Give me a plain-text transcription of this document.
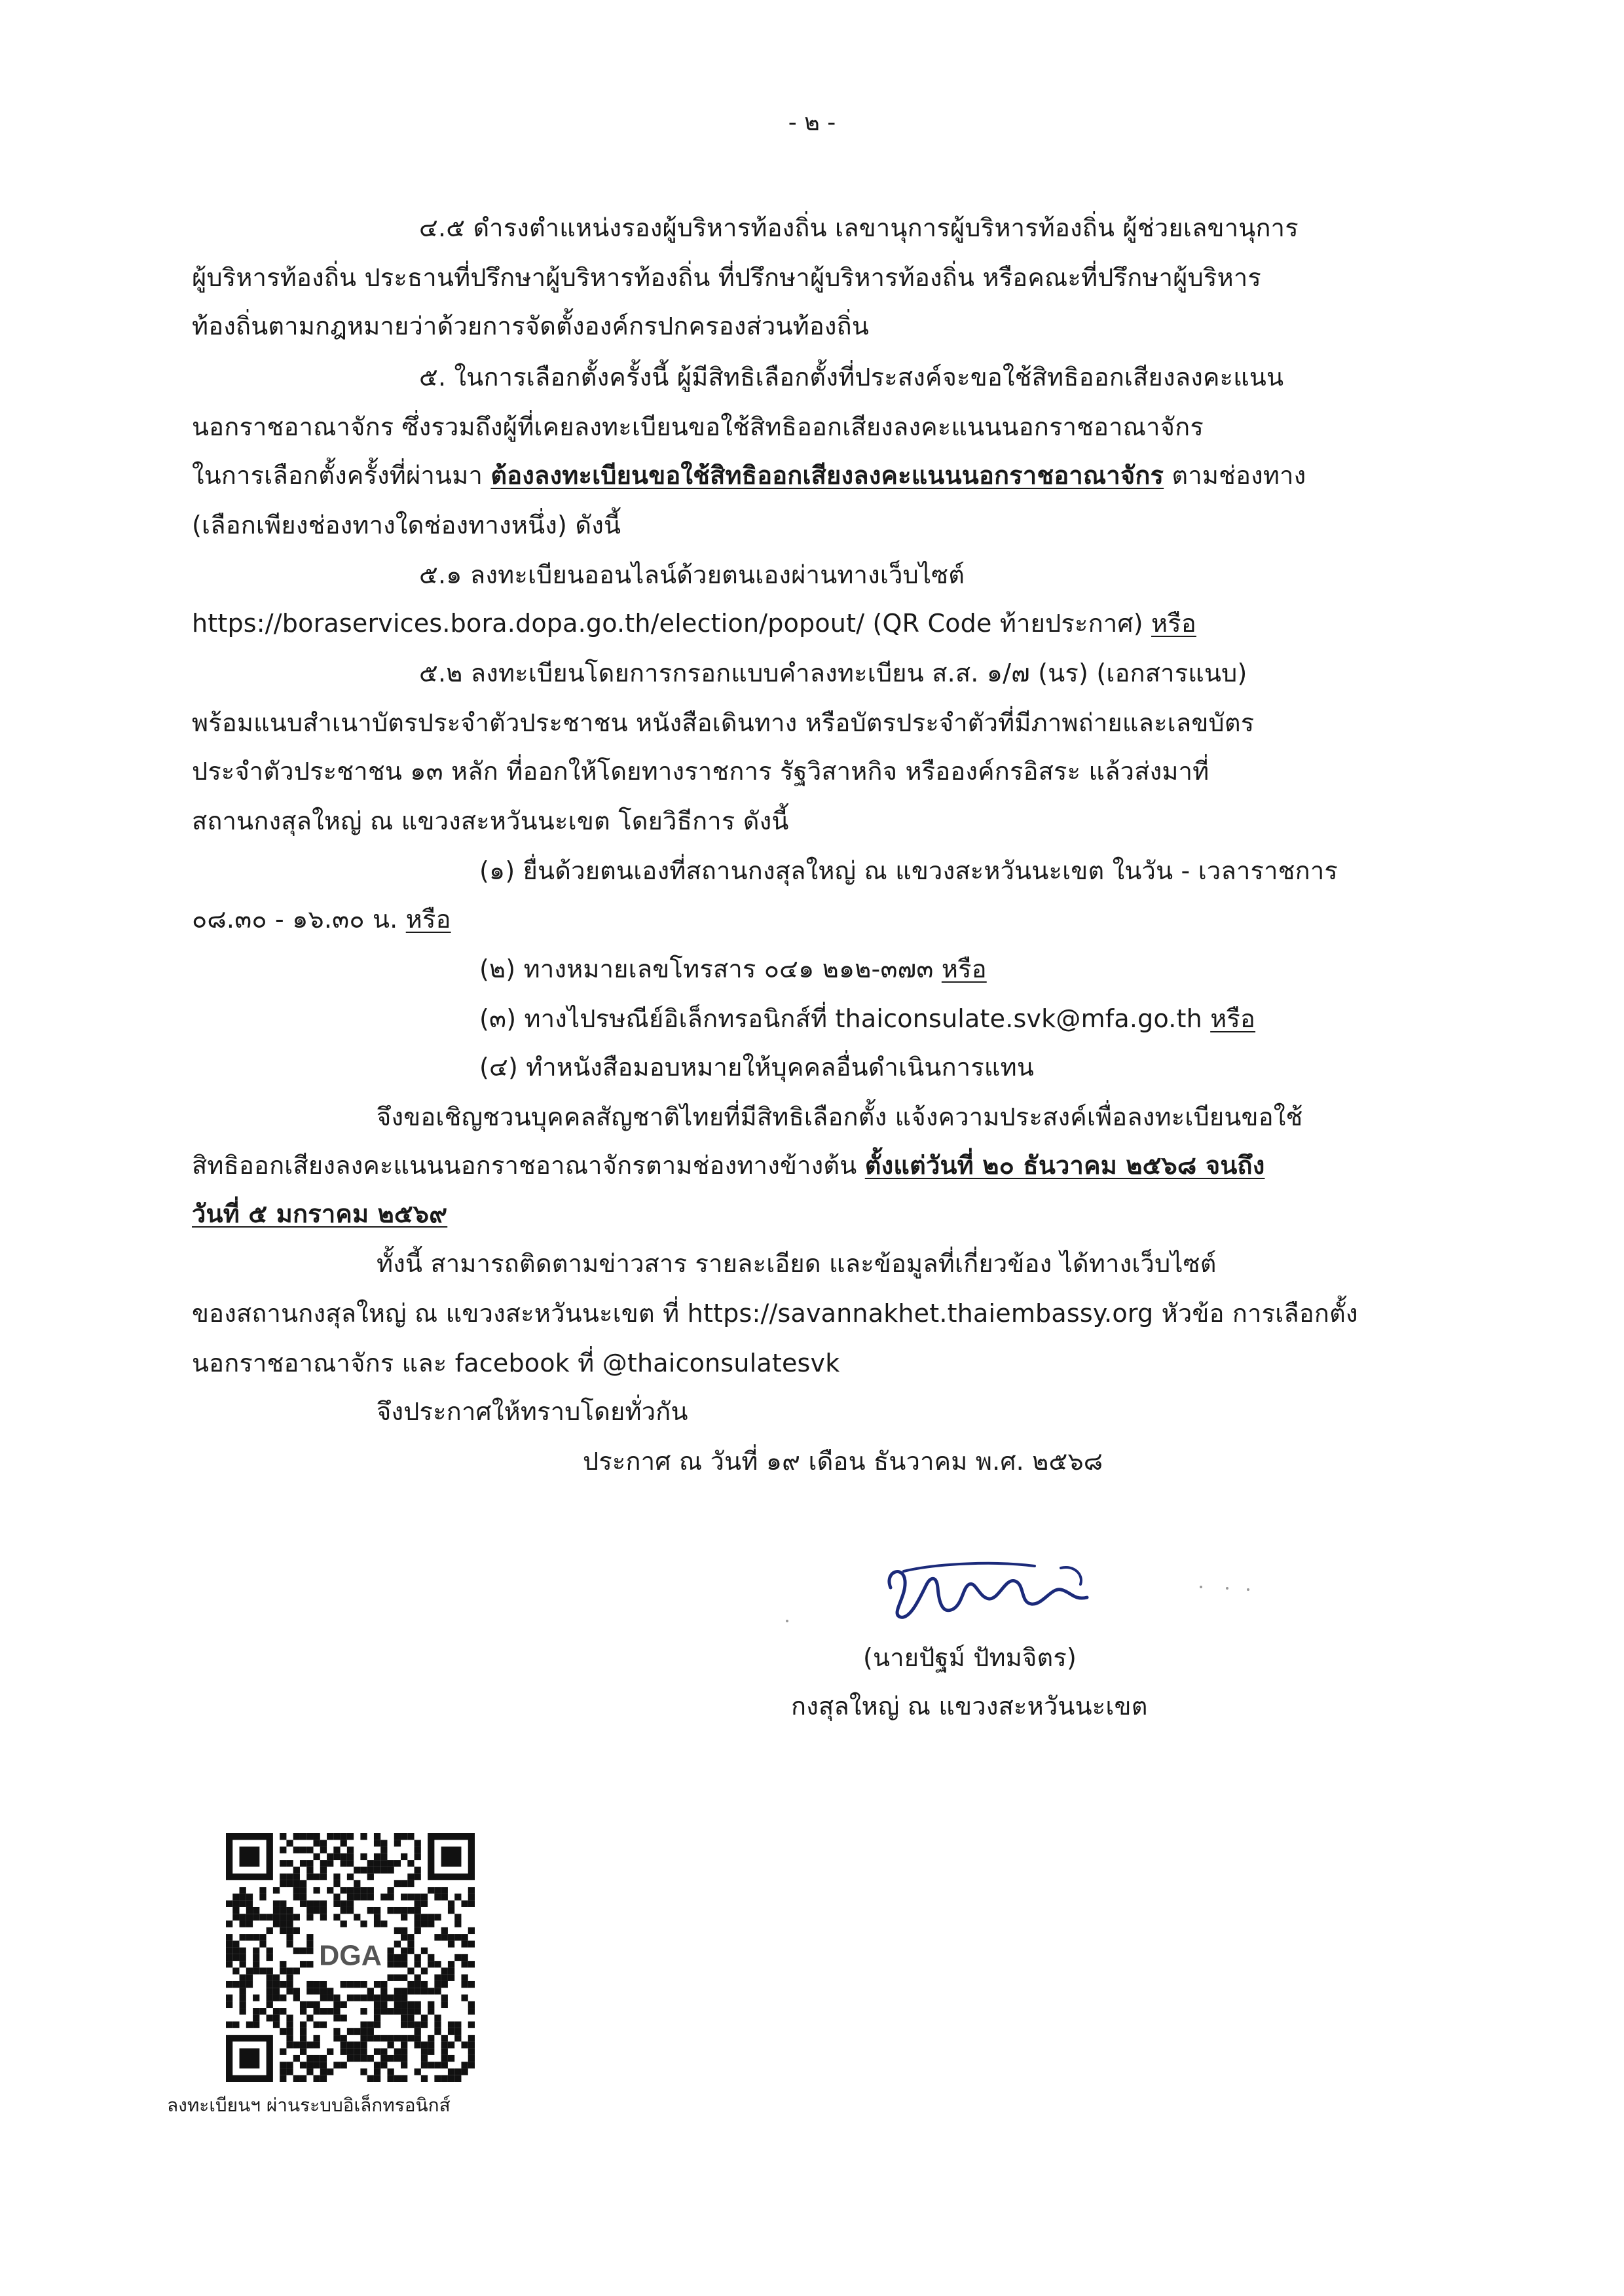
- ๒ -
๔.๕ ดำรงตำแหน่งรองผู้บริหารท้องถิ่น เลขานุการผู้บริหารท้องถิ่น ผู้ช่วยเลขานุการ
ผู้บริหารท้องถิ่น ประธานที่ปรึกษาผู้บริหารท้องถิ่น ที่ปรึกษาผู้บริหารท้องถิ่น หรือคณะที่ปรึกษาผู้บริหาร
ท้องถิ่นตามกฎหมายว่าด้วยการจัดตั้งองค์กรปกครองส่วนท้องถิ่น
๕. ในการเลือกตั้งครั้งนี้ ผู้มีสิทธิเลือกตั้งที่ประสงค์จะขอใช้สิทธิออกเสียงลงคะแนน
นอกราชอาณาจักร ซึ่งรวมถึงผู้ที่เคยลงทะเบียนขอใช้สิทธิออกเสียงลงคะแนนนอกราชอาณาจักร
ในการเลือกตั้งครั้งที่ผ่านมา ต้องลงทะเบียนขอใช้สิทธิออกเสียงลงคะแนนนอกราชอาณาจักร ตามช่องทาง
(เลือกเพียงช่องทางใดช่องทางหนึ่ง) ดังนี้
๕.๑ ลงทะเบียนออนไลน์ด้วยตนเองผ่านทางเว็บไซต์
https://boraservices.bora.dopa.go.th/election/popout/ (QR Code ท้ายประกาศ) หรือ
๕.๒ ลงทะเบียนโดยการกรอกแบบคำลงทะเบียน ส.ส. ๑/๗ (นร) (เอกสารแนบ)
พร้อมแนบสำเนาบัตรประจำตัวประชาชน หนังสือเดินทาง หรือบัตรประจำตัวที่มีภาพถ่ายและเลขบัตร
ประจำตัวประชาชน ๑๓ หลัก ที่ออกให้โดยทางราชการ รัฐวิสาหกิจ หรือองค์กรอิสระ แล้วส่งมาที่
สถานกงสุลใหญ่ ณ แขวงสะหวันนะเขต โดยวิธีการ ดังนี้
(๑) ยื่นด้วยตนเองที่สถานกงสุลใหญ่ ณ แขวงสะหวันนะเขต ในวัน - เวลาราชการ
๐๘.๓๐ - ๑๖.๓๐ น. หรือ
(๒) ทางหมายเลขโทรสาร ๐๔๑ ๒๑๒-๓๗๓ หรือ
(๓) ทางไปรษณีย์อิเล็กทรอนิกส์ที่ thaiconsulate.svk@mfa.go.th หรือ
(๔) ทำหนังสือมอบหมายให้บุคคลอื่นดำเนินการแทน
จึงขอเชิญชวนบุคคลสัญชาติไทยที่มีสิทธิเลือกตั้ง แจ้งความประสงค์เพื่อลงทะเบียนขอใช้
สิทธิออกเสียงลงคะแนนนอกราชอาณาจักรตามช่องทางข้างต้น ตั้งแต่วันที่ ๒๐ ธันวาคม ๒๕๖๘ จนถึง
วันที่ ๕ มกราคม ๒๕๖๙
ทั้งนี้ สามารถติดตามข่าวสาร รายละเอียด และข้อมูลที่เกี่ยวข้อง ได้ทางเว็บไซต์
ของสถานกงสุลใหญ่ ณ แขวงสะหวันนะเขต ที่ https://savannakhet.thaiembassy.org หัวข้อ การเลือกตั้ง
นอกราชอาณาจักร และ facebook ที่ @thaiconsulatesvk
จึงประกาศให้ทราบโดยทั่วกัน
ประกาศ ณ วันที่ ๑๙ เดือน ธันวาคม พ.ศ. ๒๕๖๘
(นายปัฐม์ ปัทมจิตร)
กงสุลใหญ่ ณ แขวงสะหวันนะเขต
DGA
ลงทะเบียนฯ ผ่านระบบอิเล็กทรอนิกส์
